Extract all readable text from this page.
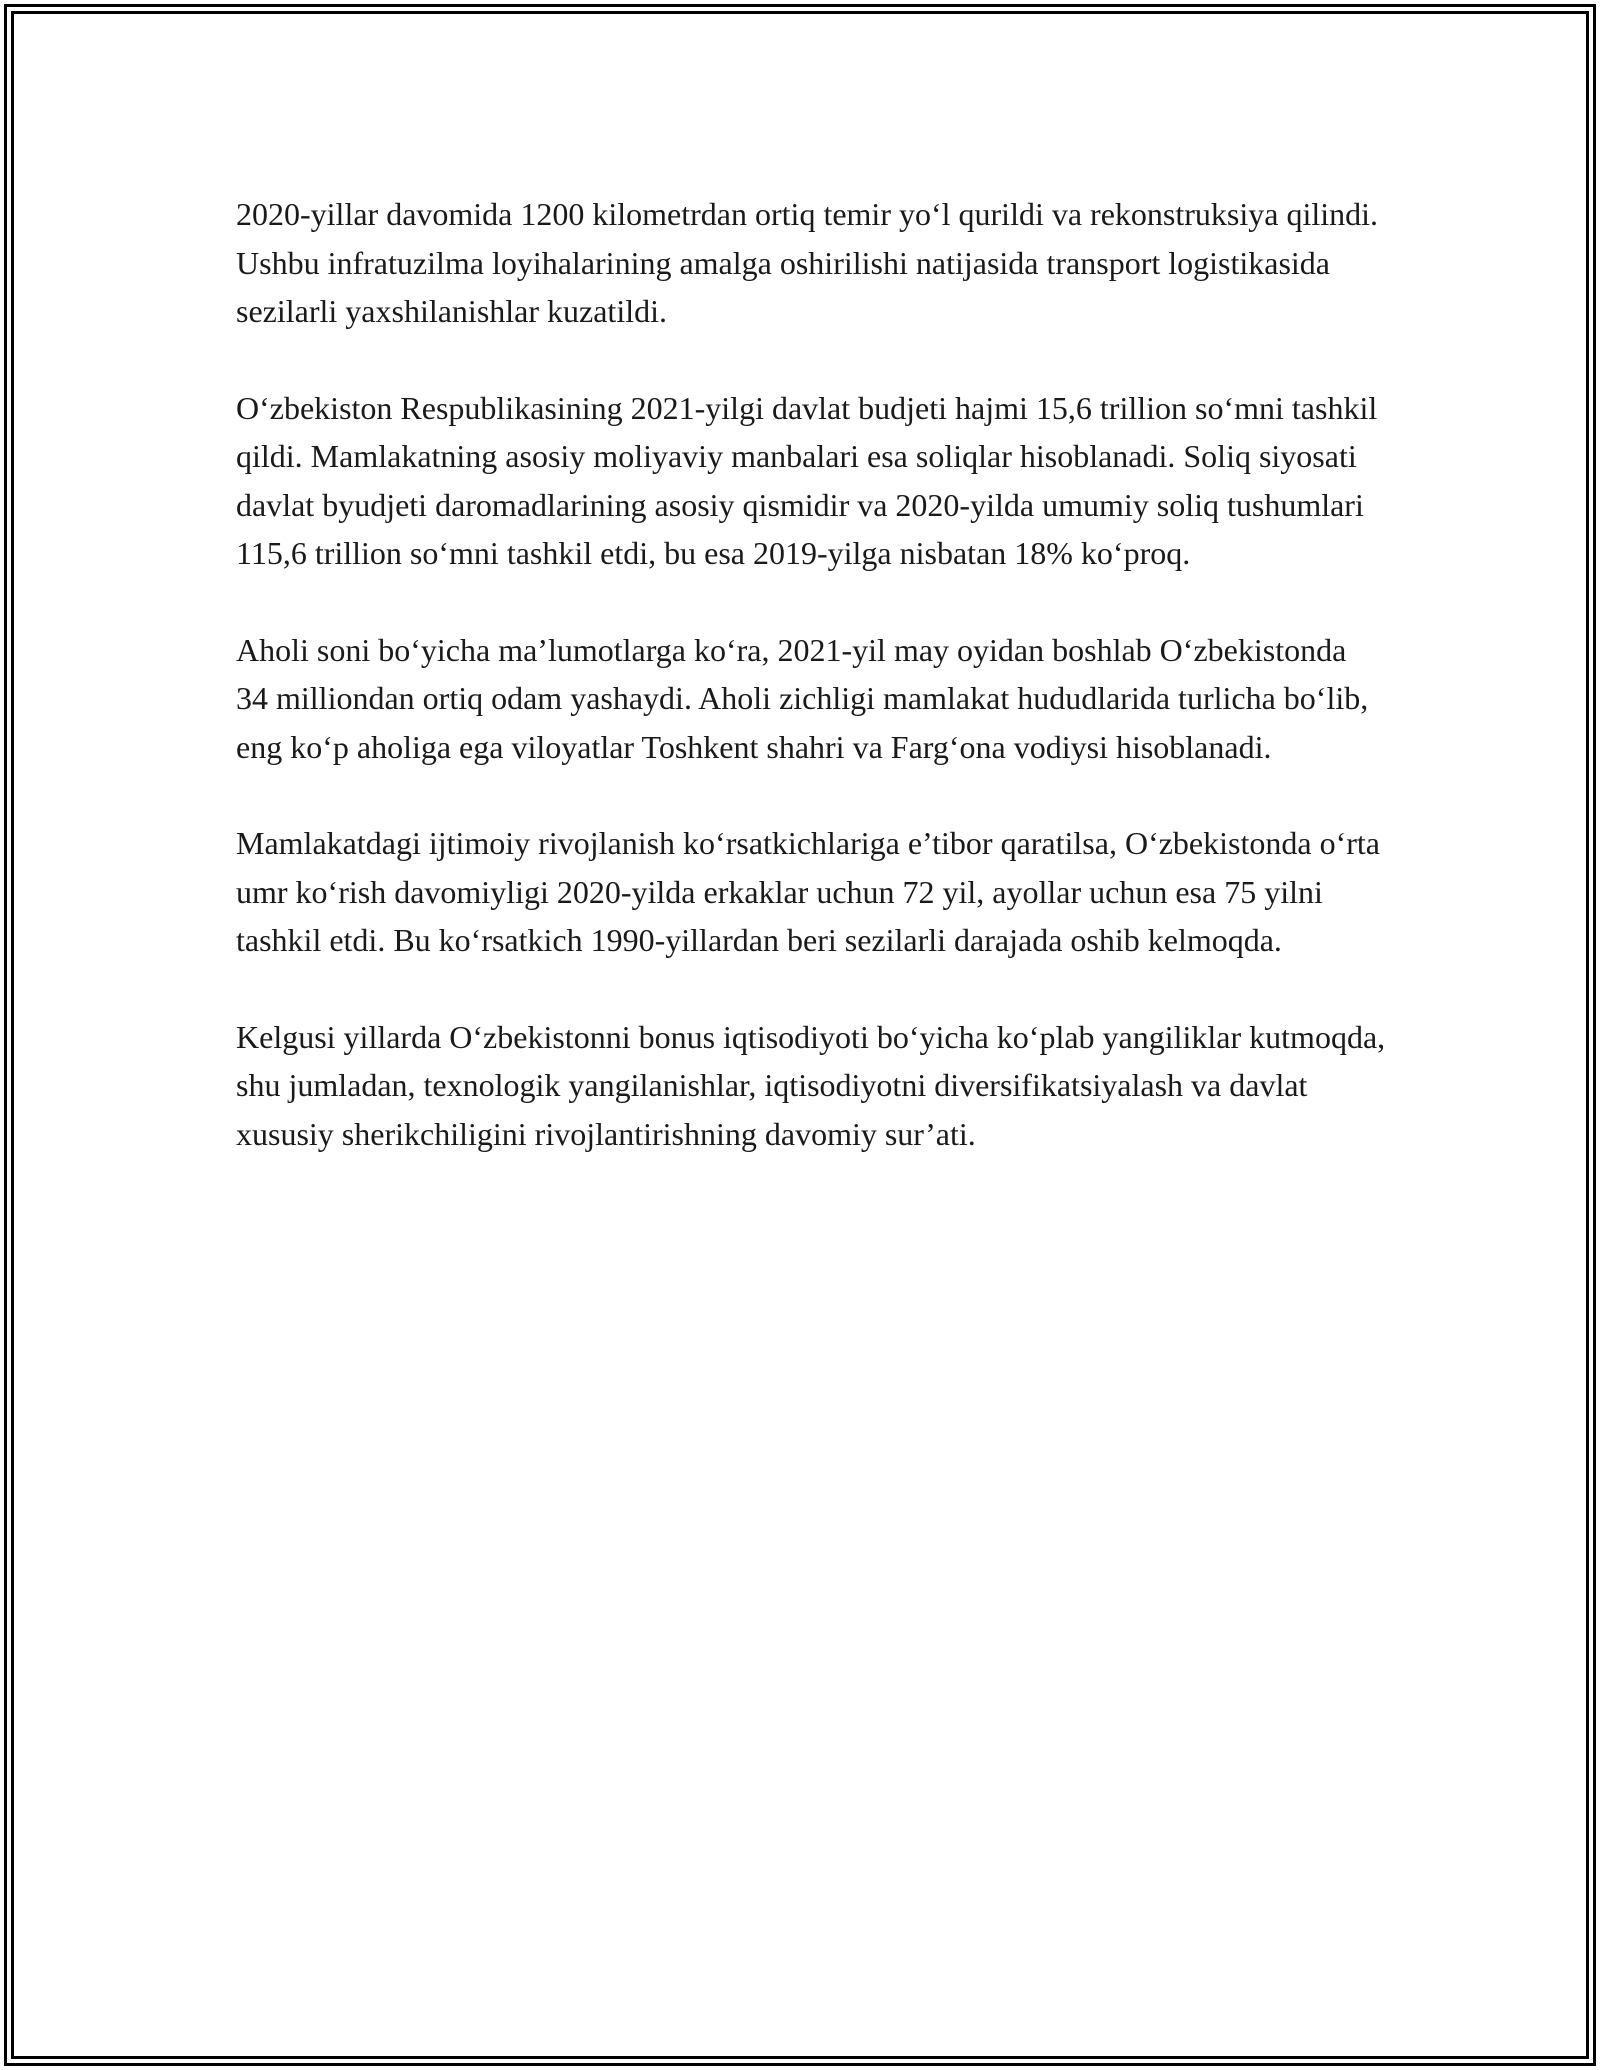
2020-yillar davomida 1200 kilometrdan ortiq temir yo‘l qurildi va rekonstruksiya qilindi. Ushbu infratuzilma loyihalarining amalga oshirilishi natijasida transport logistikasida sezilarli yaxshilanishlar kuzatildi.

O‘zbekiston Respublikasining 2021-yilgi davlat budjeti hajmi 15,6 trillion so‘mni tashkil qildi. Mamlakatning asosiy moliyaviy manbalari esa soliqlar hisoblanadi. Soliq siyosati davlat byudjeti daromadlarining asosiy qismidir va 2020-yilda umumiy soliq tushumlari 115,6 trillion so‘mni tashkil etdi, bu esa 2019-yilga nisbatan 18% ko‘proq.

Aholi soni bo‘yicha ma’lumotlarga ko‘ra, 2021-yil may oyidan boshlab O‘zbekistonda 34 milliondan ortiq odam yashaydi. Aholi zichligi mamlakat hududlarida turlicha bo‘lib, eng ko‘p aholiga ega viloyatlar Toshkent shahri va Farg‘ona vodiysi hisoblanadi.

Mamlakatdagi ijtimoiy rivojlanish ko‘rsatkichlariga e’tibor qaratilsa, O‘zbekistonda o‘rta umr ko‘rish davomiyligi 2020-yilda erkaklar uchun 72 yil, ayollar uchun esa 75 yilni tashkil etdi. Bu ko‘rsatkich 1990-yillardan beri sezilarli darajada oshib kelmoqda.

Kelgusi yillarda O‘zbekistonni bonus iqtisodiyoti bo‘yicha ko‘plab yangiliklar kutmoqda, shu jumladan, texnologik yangilanishlar, iqtisodiyotni diversifikatsiyalash va davlat xususiy sherikchiligini rivojlantirishning davomiy sur’ati.
